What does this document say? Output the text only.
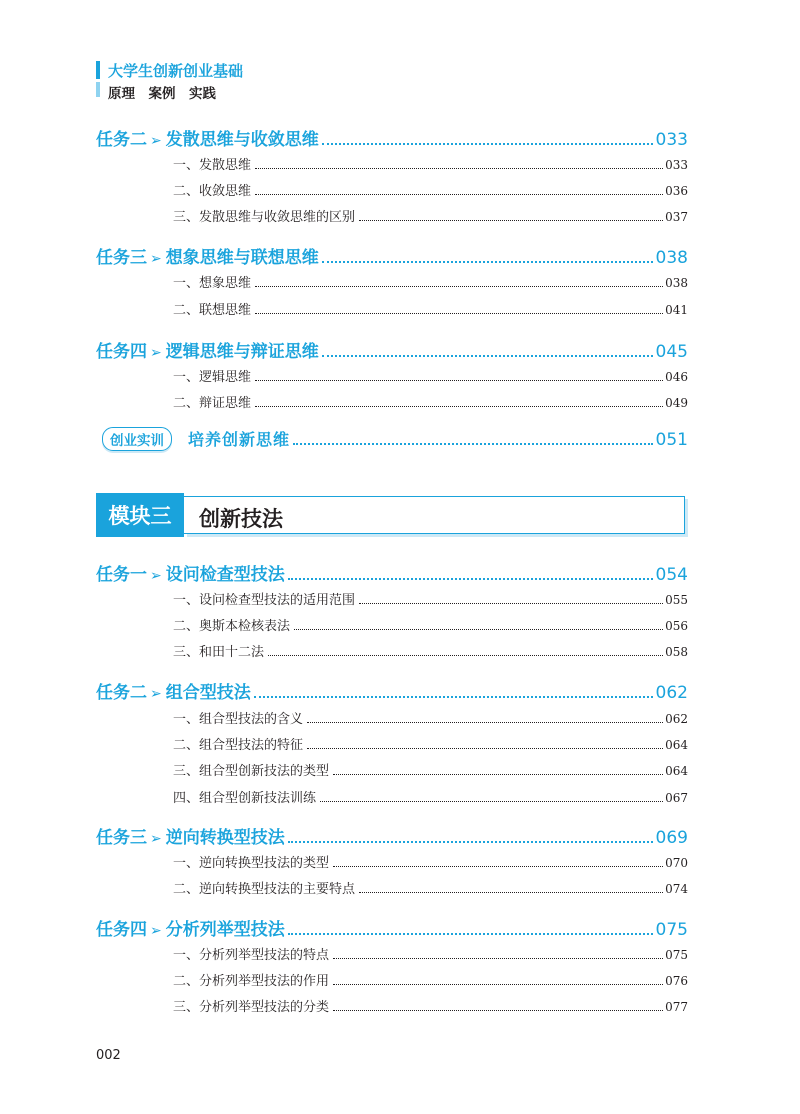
大学生创新创业基础
原理　案例　实践
任务二 ➢ 发散思维与收敛思维	033
一、发散思维	033
二、收敛思维	036
三、发散思维与收敛思维的区别	037
任务三 ➢ 想象思维与联想思维	038
一、想象思维	038
二、联想思维	041
任务四 ➢ 逻辑思维与辩证思维	045
一、逻辑思维	046
二、辩证思维	049
创业实训	培养创新思维	051
模块三	创新技法
任务一 ➢ 设问检查型技法	054
一、设问检查型技法的适用范围	055
二、奥斯本检核表法	056
三、和田十二法	058
任务二 ➢ 组合型技法	062
一、组合型技法的含义	062
二、组合型技法的特征	064
三、组合型创新技法的类型	064
四、组合型创新技法训练	067
任务三 ➢ 逆向转换型技法	069
一、逆向转换型技法的类型	070
二、逆向转换型技法的主要特点	074
任务四 ➢ 分析列举型技法	075
一、分析列举型技法的特点	075
二、分析列举型技法的作用	076
三、分析列举型技法的分类	077
002
